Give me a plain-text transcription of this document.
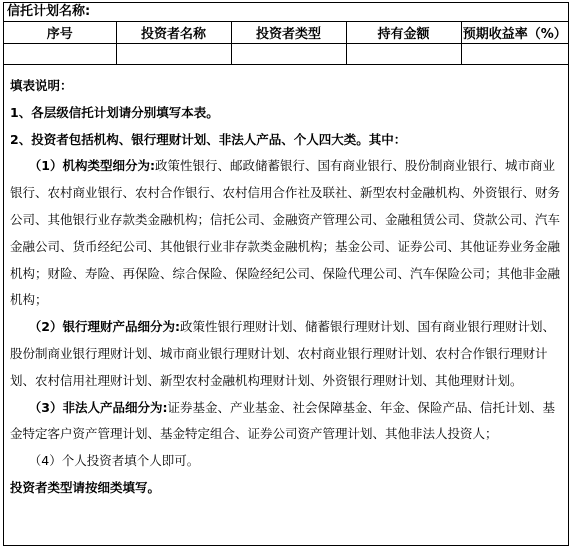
信托计划名称:
序号	投资者名称	投资者类型	持有金额	预期收益率（%）

填表说明：

1、各层级信托计划请分别填写本表。

2、投资者包括机构、银行理财计划、非法人产品、个人四大类。其中：

（1）机构类型细分为:政策性银行、邮政储蓄银行、国有商业银行、股份制商业银行、城市商业银行、农村商业银行、农村合作银行、农村信用合作社及联社、新型农村金融机构、外资银行、财务公司、其他银行业存款类金融机构；信托公司、金融资产管理公司、金融租赁公司、贷款公司、汽车金融公司、货币经纪公司、其他银行业非存款类金融机构；基金公司、证券公司、其他证券业务金融机构；财险、寿险、再保险、综合保险、保险经纪公司、保险代理公司、汽车保险公司；其他非金融机构；

（2）银行理财产品细分为:政策性银行理财计划、储蓄银行理财计划、国有商业银行理财计划、股份制商业银行理财计划、城市商业银行理财计划、农村商业银行理财计划、农村合作银行理财计划、农村信用社理财计划、新型农村金融机构理财计划、外资银行理财计划、其他理财计划。

（3）非法人产品细分为:证券基金、产业基金、社会保障基金、年金、保险产品、信托计划、基金特定客户资产管理计划、基金特定组合、证券公司资产管理计划、其他非法人投资人；

（4）个人投资者填个人即可。

投资者类型请按细类填写。
